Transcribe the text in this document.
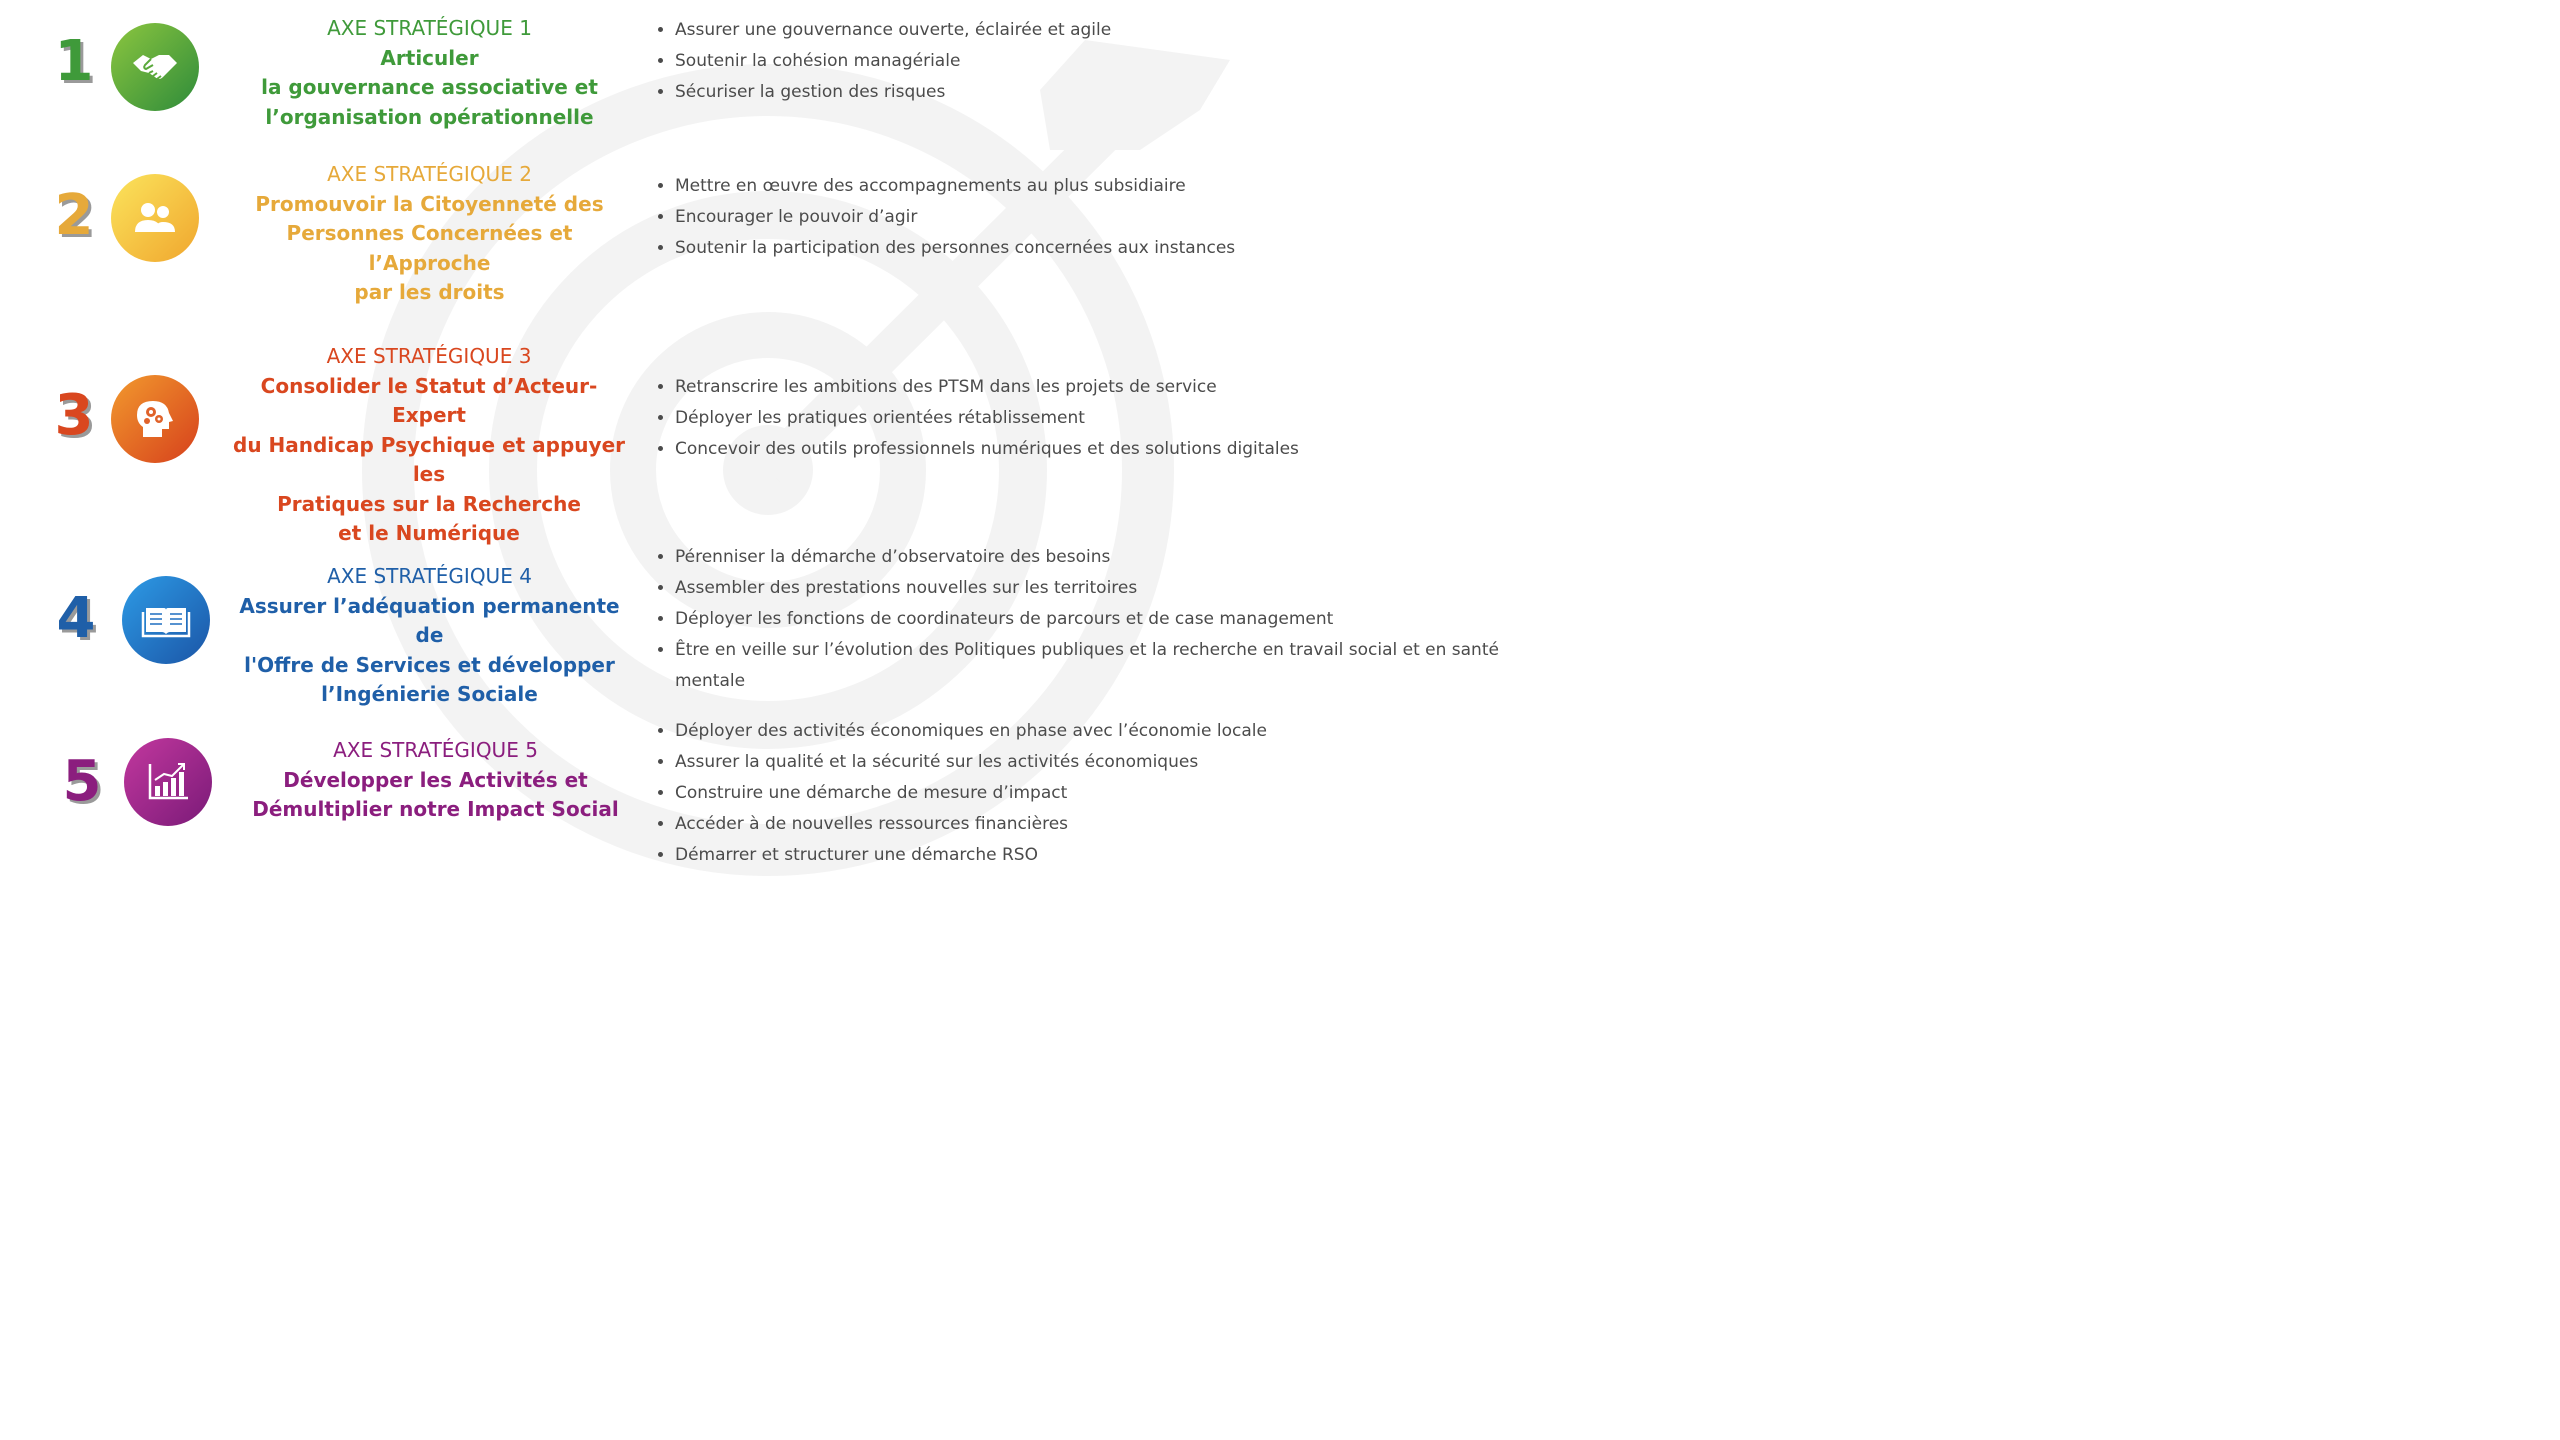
1
AXE STRATÉGIQUE 1
Articuler
la gouvernance associative et
l’organisation opérationnelle
• Assurer une gouvernance ouverte, éclairée et agile
• Soutenir la cohésion managériale
• Sécuriser la gestion des risques
2
AXE STRATÉGIQUE 2
Promouvoir la Citoyenneté des
Personnes Concernées et l’Approche
par les droits
• Mettre en œuvre des accompagnements au plus subsidiaire
• Encourager le pouvoir d’agir
• Soutenir la participation des personnes concernées aux instances
3
AXE STRATÉGIQUE 3
Consolider le Statut d’Acteur-Expert
du Handicap Psychique et appuyer les
Pratiques sur la Recherche
et le Numérique
• Retranscrire les ambitions des PTSM dans les projets de service
• Déployer les pratiques orientées rétablissement
• Concevoir des outils professionnels numériques et des solutions digitales
4
AXE STRATÉGIQUE 4
Assurer l’adéquation permanente de
l'Offre de Services et développer
l’Ingénierie Sociale
• Pérenniser la démarche d’observatoire des besoins
• Assembler des prestations nouvelles sur les territoires
• Déployer les fonctions de coordinateurs de parcours et de case management
• Être en veille sur l’évolution des Politiques publiques et la recherche en travail social et en santé mentale
5	AXE STRATÉGIQUE 5
Développer les Activités et
Démultiplier notre Impact Social
• Déployer des activités économiques en phase avec l’économie locale
• Assurer la qualité et la sécurité sur les activités économiques
• Construire une démarche de mesure d’impact
• Accéder à de nouvelles ressources financières
• Démarrer et structurer une démarche RSO
